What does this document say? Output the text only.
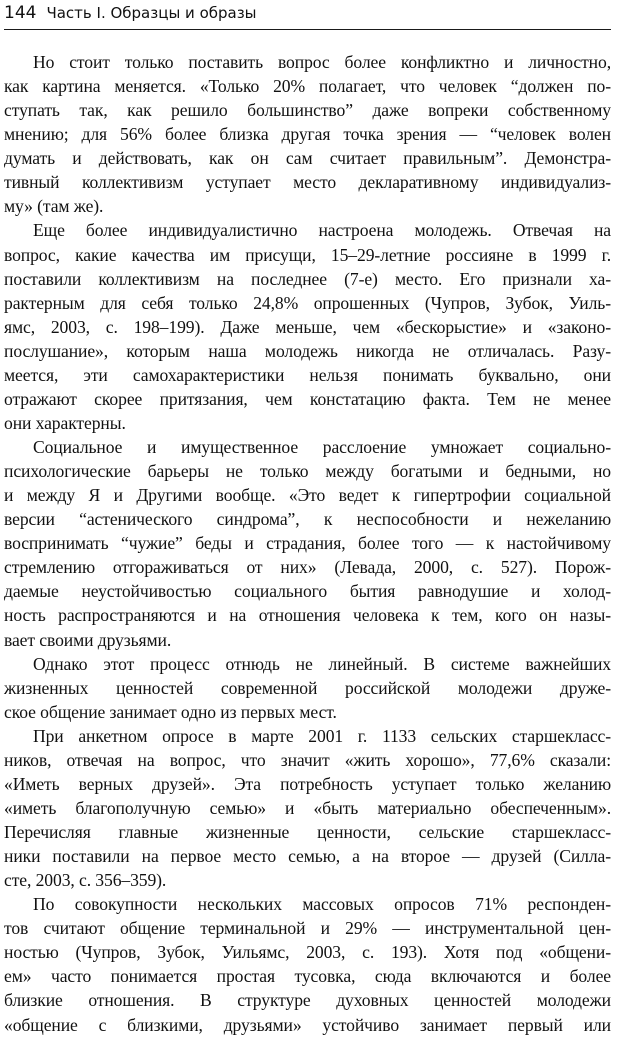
144 Часть I. Образцы и образы

Но стоит только поставить вопрос более конфликтно и личностно,
как картина меняется. «Только 20% полагает, что человек “должен по-
ступать так, как решило большинство” даже вопреки собственному
мнению; для 56% более близка другая точка зрения — “человек волен
думать и действовать, как он сам считает правильным”. Демонстра-
тивный коллективизм уступает место декларативному индивидуализ-
му» (там же).

Еще более индивидуалистично настроена молодежь. Отвечая на
вопрос, какие качества им присущи, 15–29-летние россияне в 1999 г.
поставили коллективизм на последнее (7-е) место. Его признали ха-
рактерным для себя только 24,8% опрошенных (Чупров, Зубок, Уиль-
ямс, 2003, с. 198–199). Даже меньше, чем «бескорыстие» и «законо-
послушание», которым наша молодежь никогда не отличалась. Разу-
меется, эти самохарактеристики нельзя понимать буквально, они
отражают скорее притязания, чем констатацию факта. Тем не менее
они характерны.

Социальное и имущественное расслоение умножает социально-
психологические барьеры не только между богатыми и бедными, но
и между Я и Другими вообще. «Это ведет к гипертрофии социальной
версии “астенического синдрома”, к неспособности и нежеланию
воспринимать “чужие” беды и страдания, более того — к настойчивому
стремлению отгораживаться от них» (Левада, 2000, с. 527). Порож-
даемые неустойчивостью социального бытия равнодушие и холод-
ность распространяются и на отношения человека к тем, кого он назы-
вает своими друзьями.

Однако этот процесс отнюдь не линейный. В системе важнейших
жизненных ценностей современной российской молодежи друже-
ское общение занимает одно из первых мест.

При анкетном опросе в марте 2001 г. 1133 сельских старшекласс-
ников, отвечая на вопрос, что значит «жить хорошо», 77,6% сказали:
«Иметь верных друзей». Эта потребность уступает только желанию
«иметь благополучную семью» и «быть материально обеспеченным».
Перечисляя главные жизненные ценности, сельские старшекласс-
ники поставили на первое место семью, а на второе — друзей (Силла-
сте, 2003, с. 356–359).

По совокупности нескольких массовых опросов 71% респонден-
тов считают общение терминальной и 29% — инструментальной цен-
ностью (Чупров, Зубок, Уильямс, 2003, с. 193). Хотя под «общени-
ем» часто понимается простая тусовка, сюда включаются и более
близкие отношения. В структуре духовных ценностей молодежи
«общение с близкими, друзьями» устойчиво занимает первый или
